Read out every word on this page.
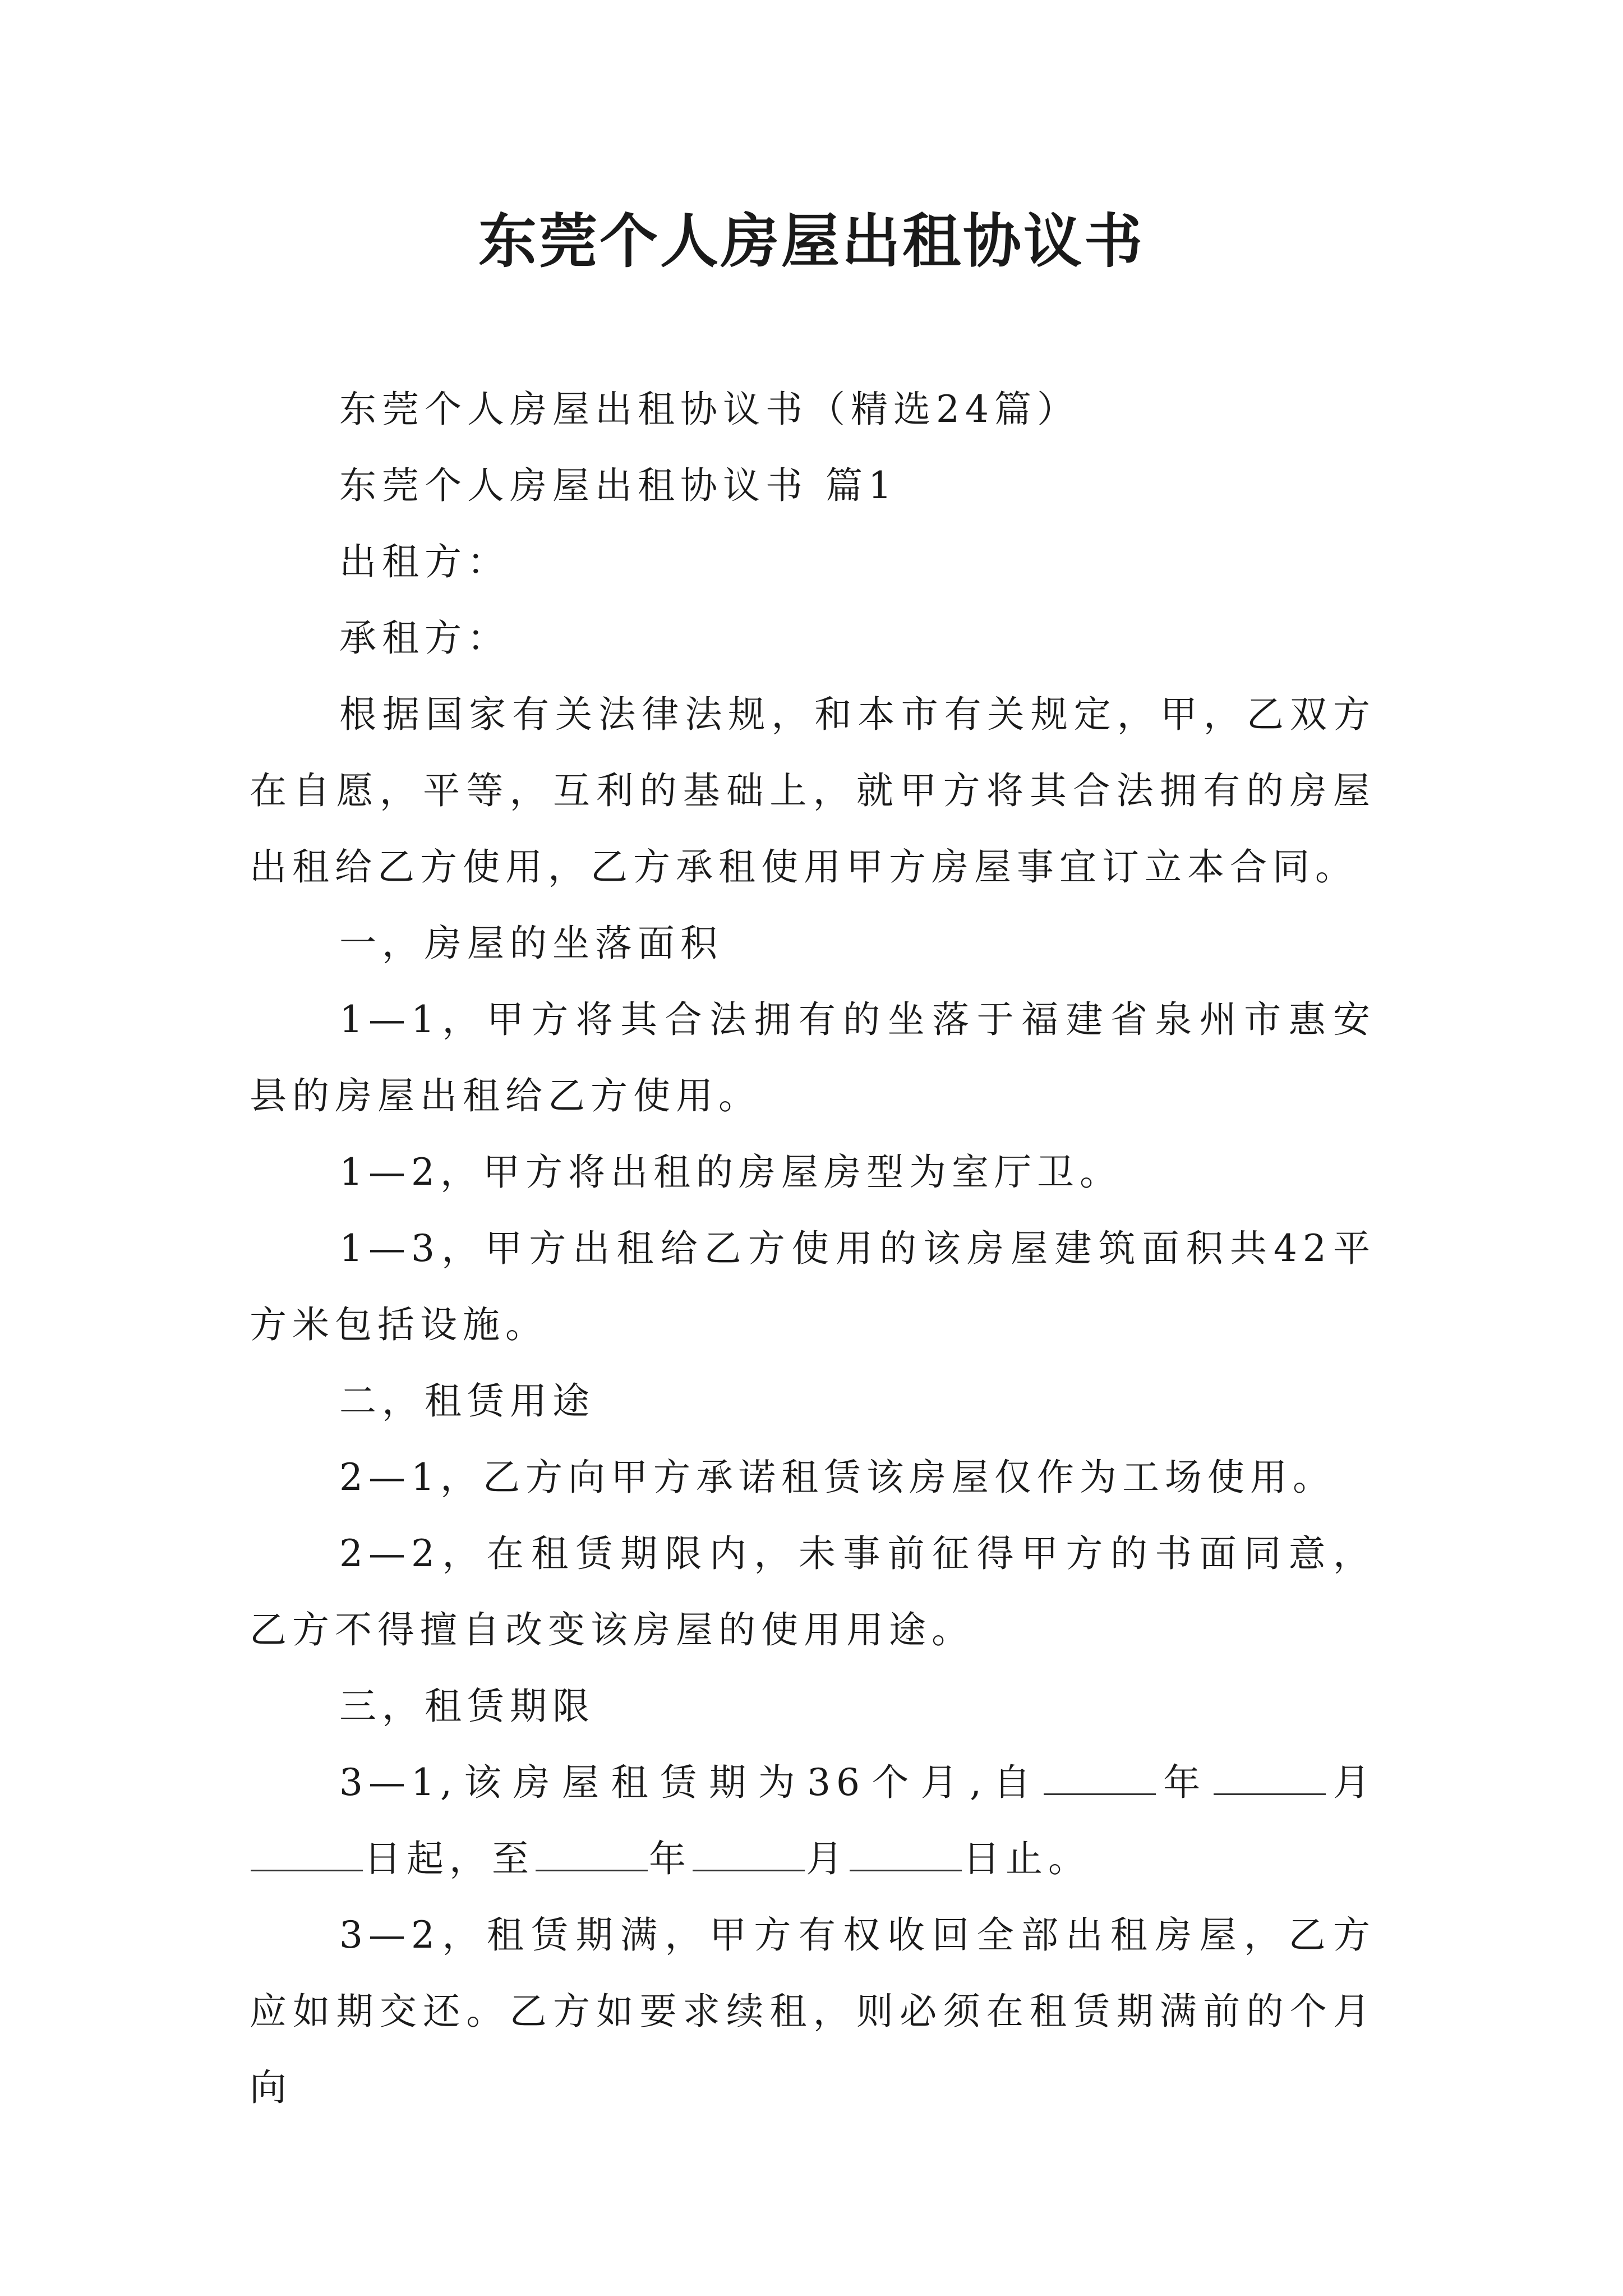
东莞个人房屋出租协议书

东莞个人房屋出租协议书（精选24篇）

东莞个人房屋出租协议书 篇1

出租方：

承租方：

根据国家有关法律法规，和本市有关规定，甲，乙双方在自愿，平等，互利的基础上，就甲方将其合法拥有的房屋出租给乙方使用，乙方承租使用甲方房屋事宜订立本合同。

一，房屋的坐落面积

1—1，甲方将其合法拥有的坐落于福建省泉州市惠安县的房屋出租给乙方使用。

1—2，甲方将出租的房屋房型为室厅卫。

1—3，甲方出租给乙方使用的该房屋建筑面积共42平方米包括设施。

二，租赁用途

2—1，乙方向甲方承诺租赁该房屋仅作为工场使用。

2—2，在租赁期限内，未事前征得甲方的书面同意，乙方不得擅自改变该房屋的使用用途。

三，租赁期限

3—1,该房屋租赁期为36个月,自	年	月日起，至	年	月	日止。

3—2，租赁期满，甲方有权收回全部出租房屋，乙方应如期交还。乙方如要求续租，则必须在租赁期满前的个月向
